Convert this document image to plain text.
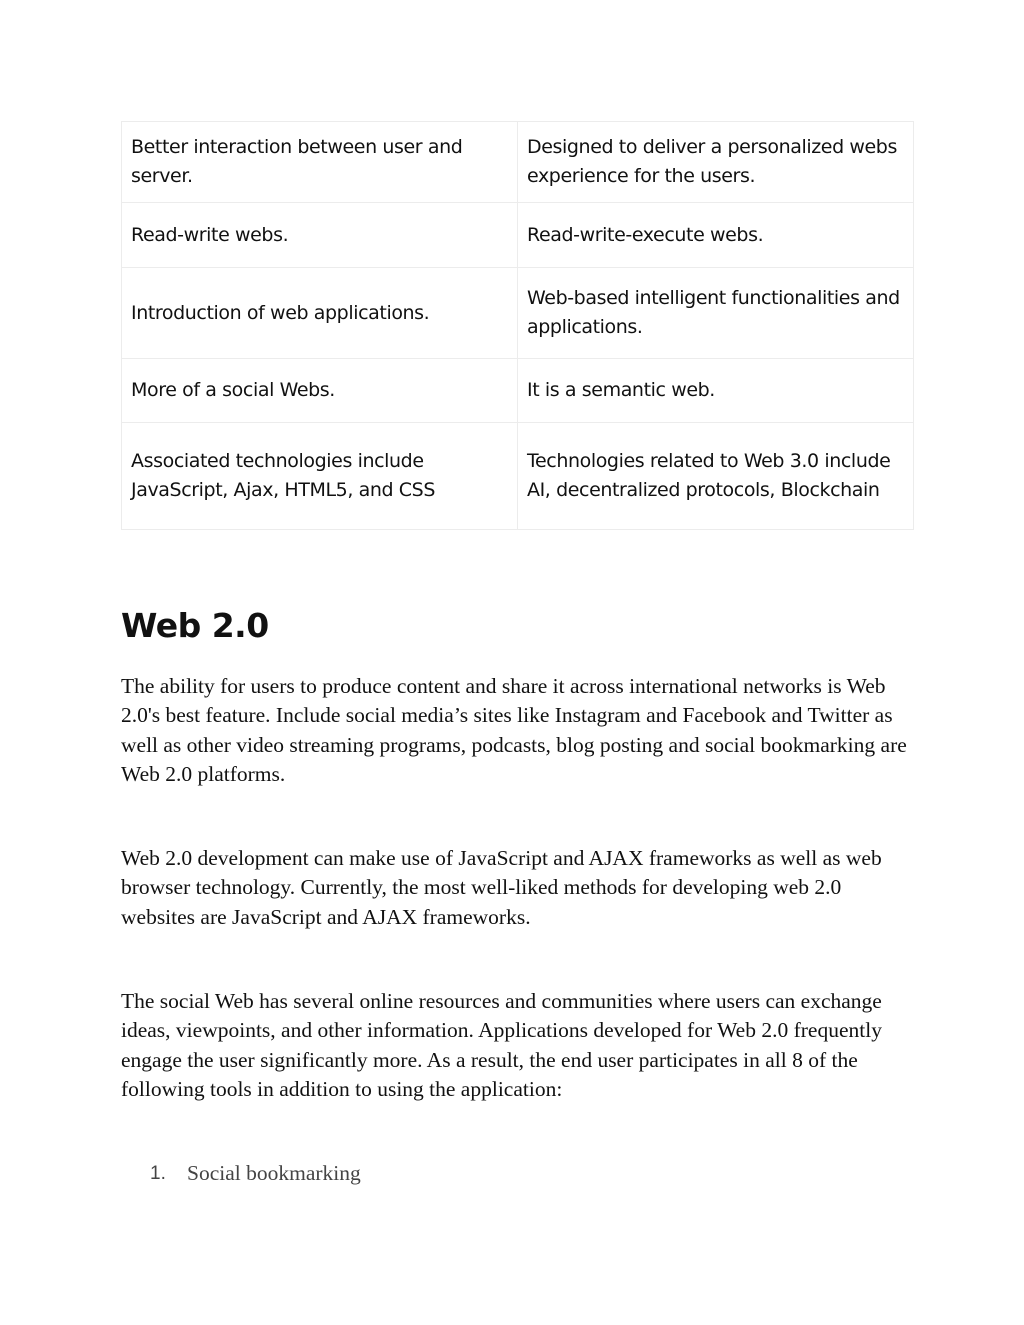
Better interaction between user and server.	Designed to deliver a personalized webs experience for the users.
Read-write webs.	Read-write-execute webs.
Introduction of web applications.	Web-based intelligent functionalities and applications.
More of a social Webs.	It is a semantic web.
Associated technologies include JavaScript, Ajax, HTML5, and CSS	Technologies related to Web 3.0 include AI, decentralized protocols, Blockchain
Web 2.0

The ability for users to produce content and share it across international networks is Web 2.0's best feature. Include social media’s sites like Instagram and Facebook and Twitter as well as other video streaming programs, podcasts, blog posting and social bookmarking are Web 2.0 platforms.

Web 2.0 development can make use of JavaScript and AJAX frameworks as well as web browser technology. Currently, the most well-liked methods for developing web 2.0 websites are JavaScript and AJAX frameworks.

The social Web has several online resources and communities where users can exchange ideas, viewpoints, and other information. Applications developed for Web 2.0 frequently engage the user significantly more. As a result, the end user participates in all 8 of the following tools in addition to using the application:

1. Social bookmarking
